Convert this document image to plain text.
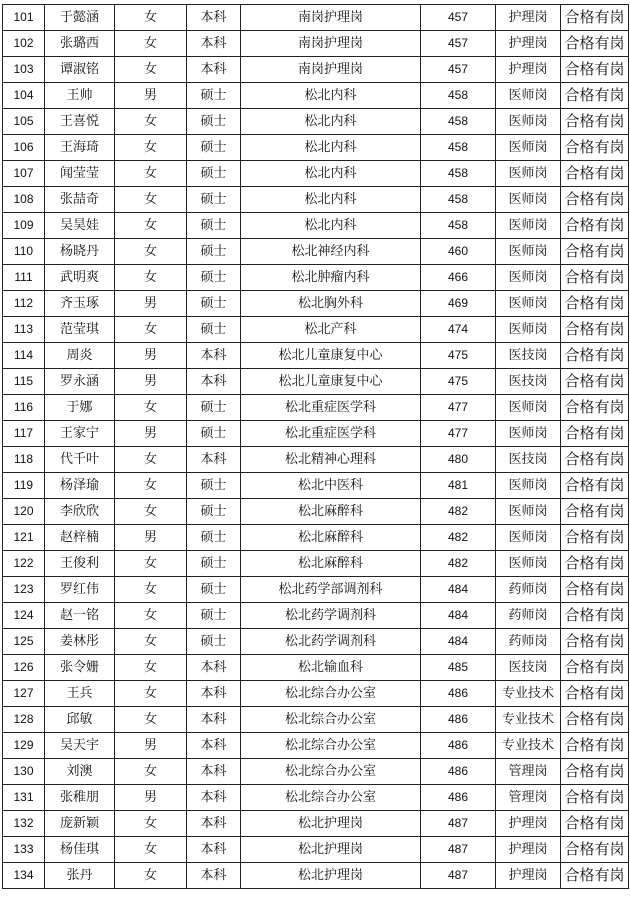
101	于懿涵	女	本科	南岗护理岗	457	护理岗	合格有岗
102	张璐西	女	本科	南岗护理岗	457	护理岗	合格有岗
103	谭淑铭	女	本科	南岗护理岗	457	护理岗	合格有岗
104	王帅	男	硕士	松北内科	458	医师岗	合格有岗
105	王喜悦	女	硕士	松北内科	458	医师岗	合格有岗
106	王海琦	女	硕士	松北内科	458	医师岗	合格有岗
107	闻莹莹	女	硕士	松北内科	458	医师岗	合格有岗
108	张喆奇	女	硕士	松北内科	458	医师岗	合格有岗
109	吴昊娃	女	硕士	松北内科	458	医师岗	合格有岗
110	杨晓丹	女	硕士	松北神经内科	460	医师岗	合格有岗
111	武明爽	女	硕士	松北肿瘤内科	466	医师岗	合格有岗
112	齐玉琢	男	硕士	松北胸外科	469	医师岗	合格有岗
113	范莹琪	女	硕士	松北产科	474	医师岗	合格有岗
114	周炎	男	本科	松北儿童康复中心	475	医技岗	合格有岗
115	罗永涵	男	本科	松北儿童康复中心	475	医技岗	合格有岗
116	于娜	女	硕士	松北重症医学科	477	医师岗	合格有岗
117	王家宁	男	硕士	松北重症医学科	477	医师岗	合格有岗
118	代千叶	女	本科	松北精神心理科	480	医技岗	合格有岗
119	杨泽瑜	女	硕士	松北中医科	481	医师岗	合格有岗
120	李欣欣	女	硕士	松北麻醉科	482	医师岗	合格有岗
121	赵梓楠	男	硕士	松北麻醉科	482	医师岗	合格有岗
122	王俊利	女	硕士	松北麻醉科	482	医师岗	合格有岗
123	罗红伟	女	硕士	松北药学部调剂科	484	药师岗	合格有岗
124	赵一铭	女	硕士	松北药学调剂科	484	药师岗	合格有岗
125	姜林彤	女	硕士	松北药学调剂科	484	药师岗	合格有岗
126	张令姗	女	本科	松北输血科	485	医技岗	合格有岗
127	王兵	女	本科	松北综合办公室	486	专业技术	合格有岗
128	邱敏	女	本科	松北综合办公室	486	专业技术	合格有岗
129	吴天宇	男	本科	松北综合办公室	486	专业技术	合格有岗
130	刘澳	女	本科	松北综合办公室	486	管理岗	合格有岗
131	张稚朋	男	本科	松北综合办公室	486	管理岗	合格有岗
132	庞新颖	女	本科	松北护理岗	487	护理岗	合格有岗
133	杨佳琪	女	本科	松北护理岗	487	护理岗	合格有岗
134	张丹	女	本科	松北护理岗	487	护理岗	合格有岗
